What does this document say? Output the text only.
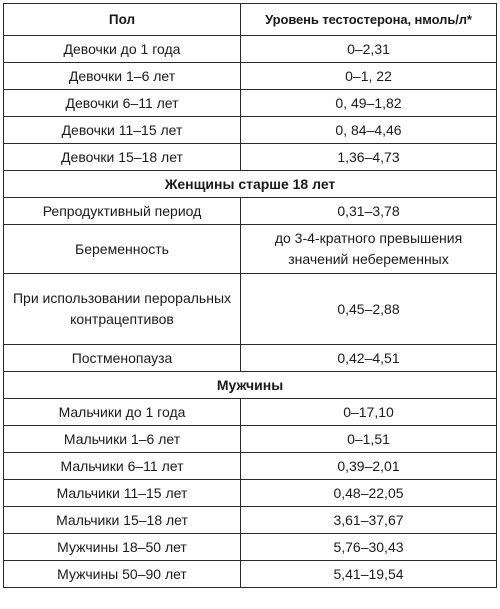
Пол	Уровень тестостерона, нмоль/л*
Девочки до 1 года	0–2,31
Девочки 1–6 лет	0–1, 22
Девочки 6–11 лет	0, 49–1,82
Девочки 11–15 лет	0, 84–4,46
Девочки 15–18 лет	1,36–4,73
Женщины старше 18 лет	
Репродуктивный период	0,31–3,78
Беременность	до 3-4-кратного превышения значений небеременных
При использовании пероральных контрацептивов	0,45–2,88
Постменопауза	0,42–4,51
Мужчины	
Мальчики до 1 года	0–17,10
Мальчики 1–6 лет	0–1,51
Мальчики 6–11 лет	0,39–2,01
Мальчики 11–15 лет	0,48–22,05
Мальчики 15–18 лет	3,61–37,67
Мужчины 18–50 лет	5,76–30,43
Мужчины 50–90 лет	5,41–19,54
